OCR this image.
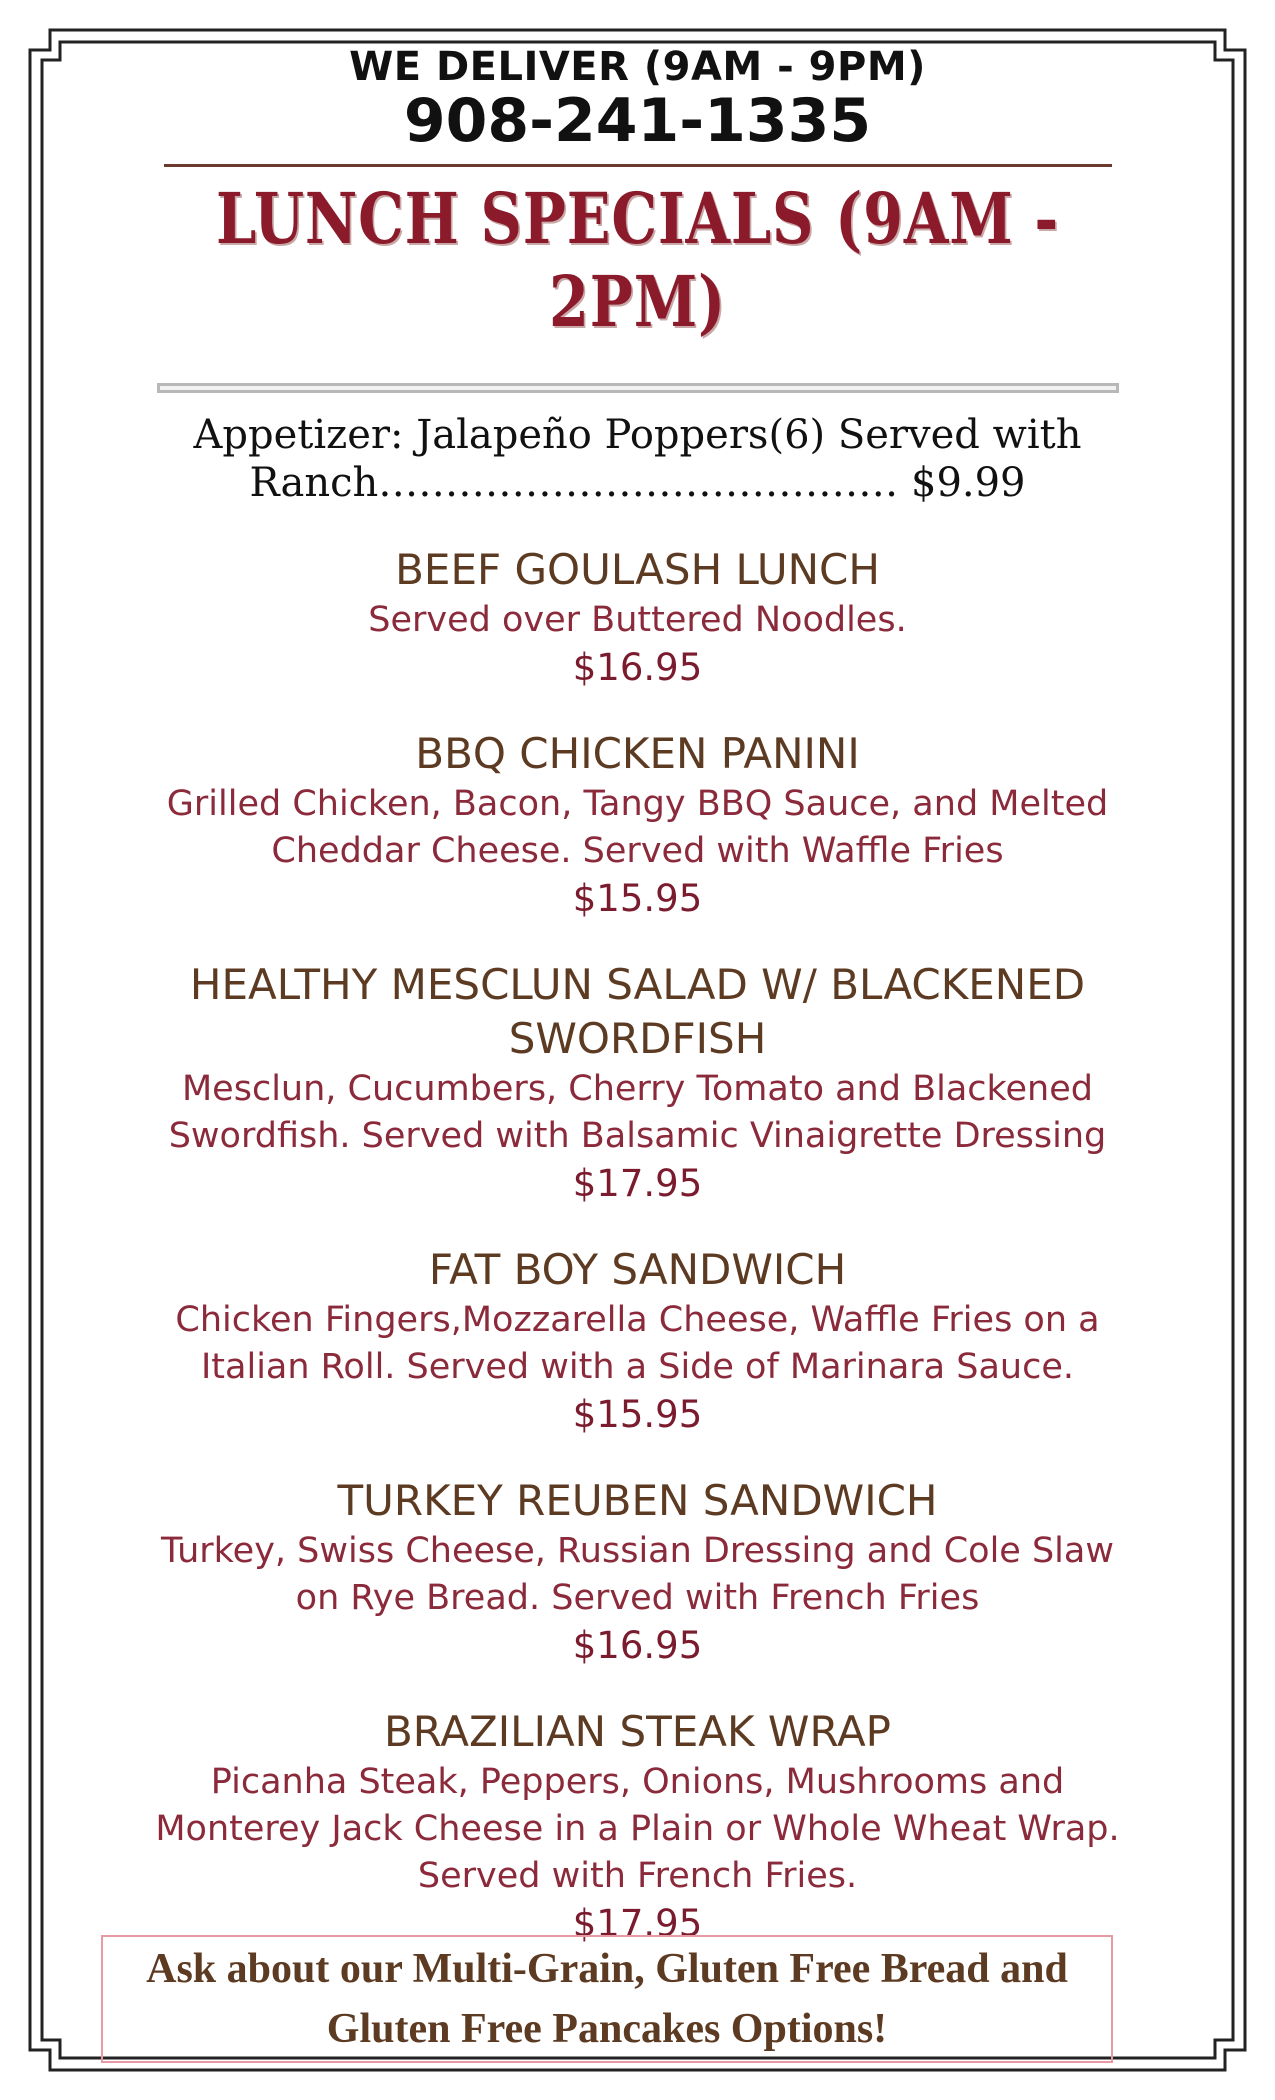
WE DELIVER (9AM - 9PM)
908-241-1335
LUNCH SPECIALS (9AM - 2PM)
Appetizer: Jalapeño Poppers(6) Served with Ranch………………………………… $9.99
BEEF GOULASH LUNCH
Served over Buttered Noodles.
$16.95
BBQ CHICKEN PANINI
Grilled Chicken, Bacon, Tangy BBQ Sauce, and Melted Cheddar Cheese. Served with Waffle Fries
$15.95
HEALTHY MESCLUN SALAD W/ BLACKENED SWORDFISH
Mesclun, Cucumbers, Cherry Tomato and Blackened Swordfish. Served with Balsamic Vinaigrette Dressing
$17.95
FAT BOY SANDWICH
Chicken Fingers,Mozzarella Cheese, Waffle Fries on a Italian Roll. Served with a Side of Marinara Sauce.
$15.95
TURKEY REUBEN SANDWICH
Turkey, Swiss Cheese, Russian Dressing and Cole Slaw on Rye Bread. Served with French Fries
$16.95
BRAZILIAN STEAK WRAP
Picanha Steak, Peppers, Onions, Mushrooms and Monterey Jack Cheese in a Plain or Whole Wheat Wrap. Served with French Fries.
$17.95
Ask about our Multi-Grain, Gluten Free Bread and Gluten Free Pancakes Options!
